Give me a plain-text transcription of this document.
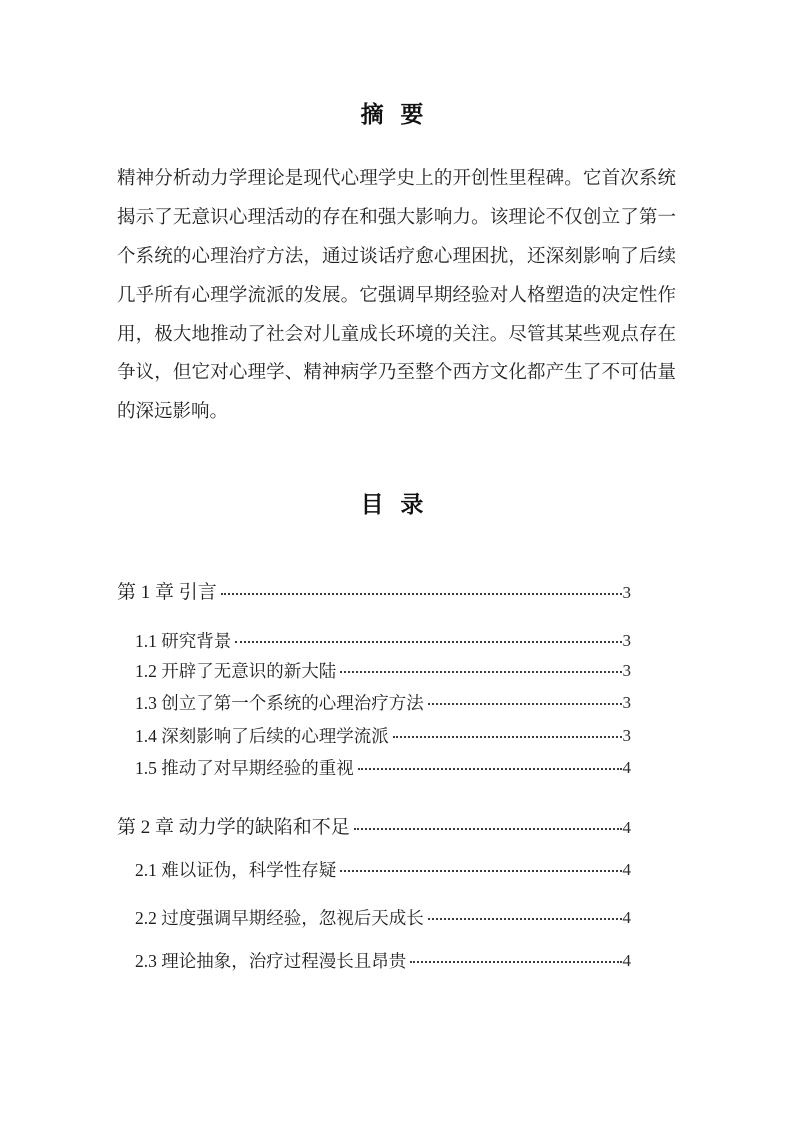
摘 要
精神分析动力学理论是现代心理学史上的开创性里程碑。它首次系统
揭示了无意识心理活动的存在和强大影响力。该理论不仅创立了第一
个系统的心理治疗方法，通过谈话疗愈心理困扰，还深刻影响了后续
几乎所有心理学流派的发展。它强调早期经验对人格塑造的决定性作
用，极大地推动了社会对儿童成长环境的关注。尽管其某些观点存在
争议，但它对心理学、精神病学乃至整个西方文化都产生了不可估量
的深远影响。
目 录
第 1 章 引言	3
1.1 研究背景	3
1.2 开辟了无意识的新大陆	3
1.3 创立了第一个系统的心理治疗方法	3
1.4 深刻影响了后续的心理学流派	3
1.5 推动了对早期经验的重视	4
第 2 章 动力学的缺陷和不足	4
2.1 难以证伪，科学性存疑	4
2.2 过度强调早期经验，忽视后天成长	4
2.3 理论抽象，治疗过程漫长且昂贵	4
